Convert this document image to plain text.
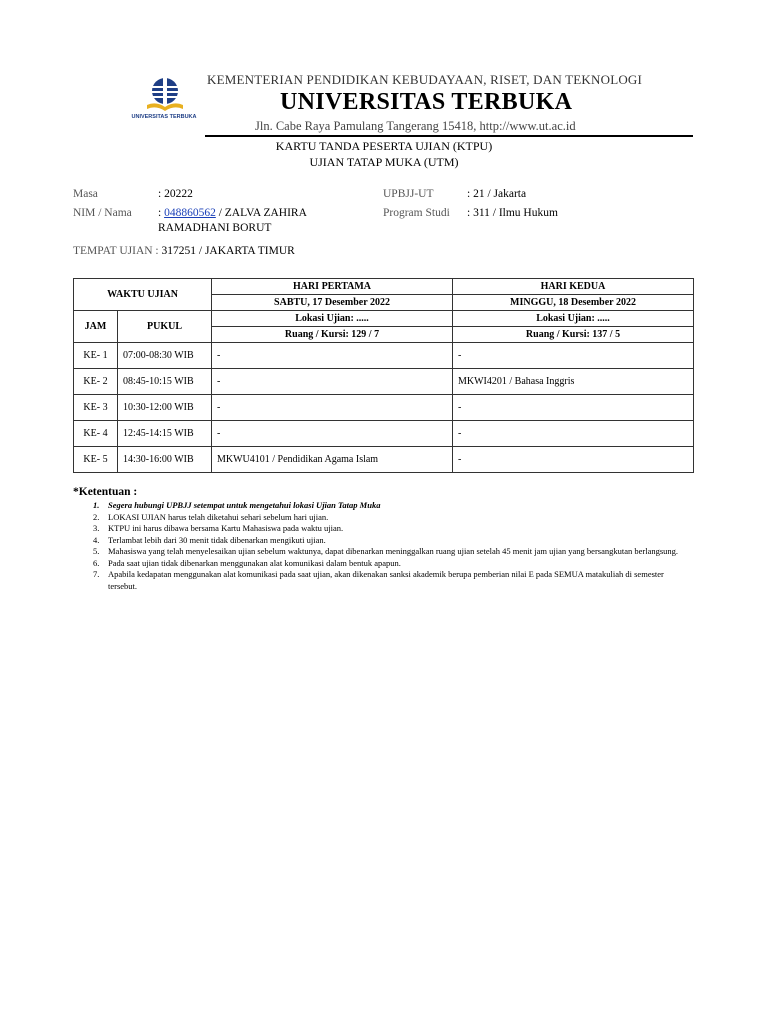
UNIVERSITAS TERBUKA
KEMENTERIAN PENDIDIKAN KEBUDAYAAN, RISET, DAN TEKNOLOGI
UNIVERSITAS TERBUKA
Jln. Cabe Raya Pamulang Tangerang 15418, http://www.ut.ac.id
KARTU TANDA PESERTA UJIAN (KTPU)
UJIAN TATAP MUKA (UTM)
Masa	: 20222
NIM / Nama : 048860562 / ZALVA ZAHIRA
RAMADHANI BORUT
UPBJJ-UT	: 21 / Jakarta
Program Studi : 311 / Ilmu Hukum
TEMPAT UJIAN : 317251 / JAKARTA TIMUR
WAKTU UJIAN		HARI PERTAMA	HARI KEDUA
		SABTU, 17 Desember 2022	MINGGU, 18 Desember 2022
JAM	PUKUL	Lokasi Ujian: .....	Lokasi Ujian: .....
		Ruang / Kursi: 129 / 7	Ruang / Kursi: 137 / 5
KE- 1	07:00-08:30 WIB	-	-
KE- 2	08:45-10:15 WIB	-	MKWI4201 / Bahasa Inggris
KE- 3	10:30-12:00 WIB	-	-
KE- 4	12:45-14:15 WIB	-	-
KE- 5	14:30-16:00 WIB	MKWU4101 / Pendidikan Agama Islam	-
*Ketentuan :
1. Segera hubungi UPBJJ setempat untuk mengetahui lokasi Ujian Tatap Muka
2. LOKASI UJIAN harus telah diketahui sehari sebelum hari ujian.
3. KTPU ini harus dibawa bersama Kartu Mahasiswa pada waktu ujian.
4. Terlambat lebih dari 30 menit tidak dibenarkan mengikuti ujian.
5. Mahasiswa yang telah menyelesaikan ujian sebelum waktunya, dapat dibenarkan meninggalkan ruang ujian setelah 45 menit jam ujian yang bersangkutan berlangsung.
6. Pada saat ujian tidak dibenarkan menggunakan alat komunikasi dalam bentuk apapun.
7. Apabila kedapatan menggunakan alat komunikasi pada saat ujian, akan dikenakan sanksi akademik berupa pemberian nilai E pada SEMUA matakuliah di semester tersebut.
